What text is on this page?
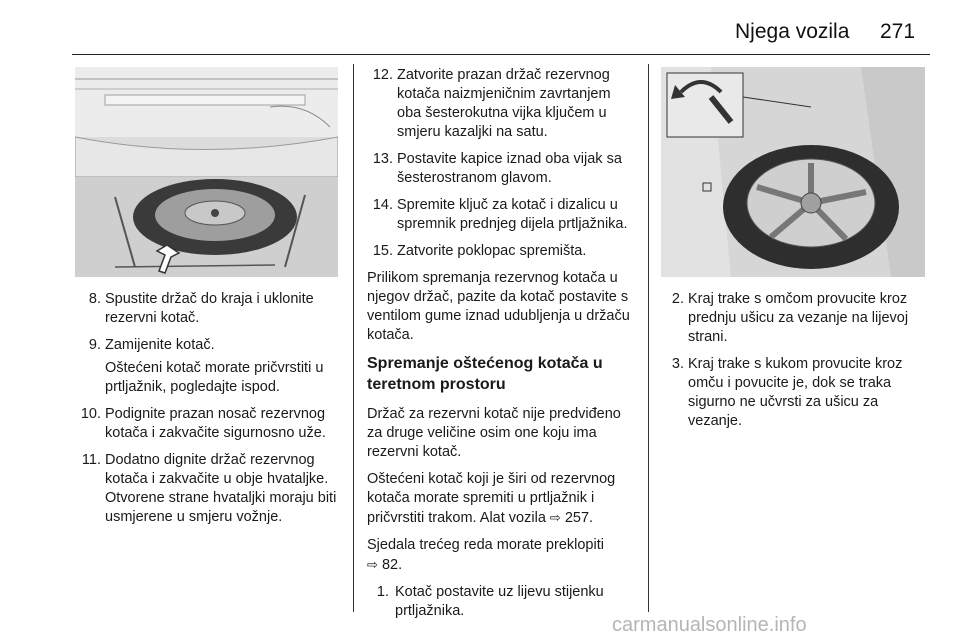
Njega vozila 271
8. Spustite držač do kraja i uklonite rezervni kotač.
9. Zamijenite kotač.
Oštećeni kotač morate pričvrstiti u prtljažnik, pogledajte ispod.
10. Podignite prazan nosač rezervnog kotača i zakvačite sigurnosno uže.
11. Dodatno dignite držač rezervnog kotača i zakvačite u obje hvataljke. Otvorene strane hvataljki moraju biti usmjerene u smjeru vožnje.
12. Zatvorite prazan držač rezervnog kotača naizmjeničnim zavrtanjem oba šesterokutna vijka ključem u smjeru kazaljki na satu.
13. Postavite kapice iznad oba vijak sa šesterostranom glavom.
14. Spremite ključ za kotač i dizalicu u spremnik prednjeg dijela prtljažnika.
15. Zatvorite poklopac spremišta.

Prilikom spremanja rezervnog kotača u njegov držač, pazite da kotač postavite s ventilom gume iznad udubljenja u držaču kotača.

Spremanje oštećenog kotača u teretnom prostoru

Držač za rezervni kotač nije predviđeno za druge veličine osim one koju ima rezervni kotač.

Oštećeni kotač koji je širi od rezervnog kotača morate spremiti u prtljažnik i pričvrstiti trakom. Alat vozila ⇨ 257.

Sjedala trećeg reda morate preklopiti
⇨ 82.

1. Kotač postavite uz lijevu stijenku prtljažnika.
2. Kraj trake s omčom provucite kroz prednju ušicu za vezanje na lijevoj strani.
3. Kraj trake s kukom provucite kroz omču i povucite je, dok se traka sigurno ne učvrsti za ušicu za vezanje.
carmanualsonline.info
